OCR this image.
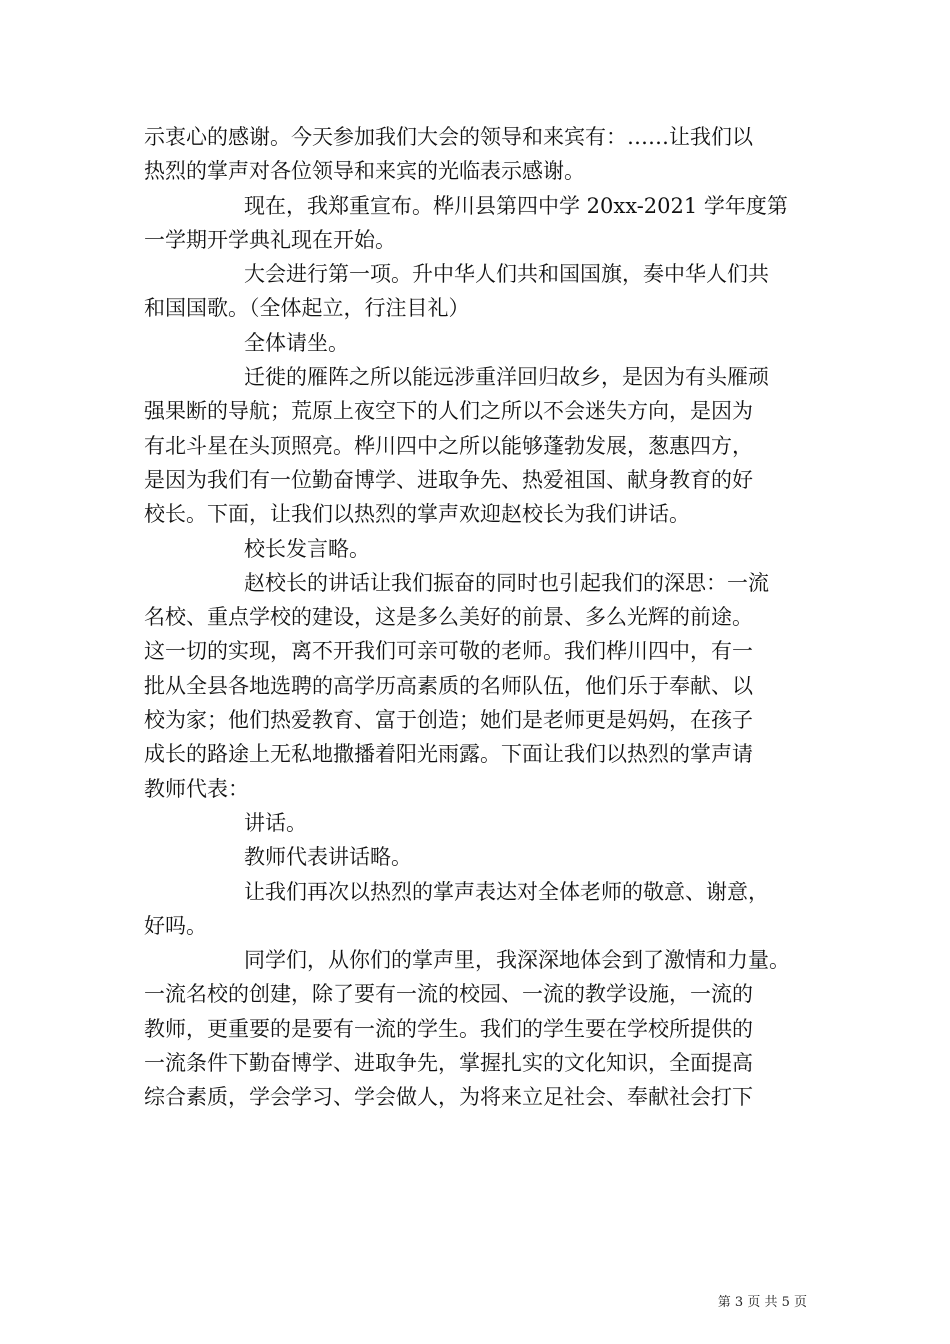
示衷心的感谢。今天参加我们大会的领导和来宾有：……让我们以
热烈的掌声对各位领导和来宾的光临表示感谢。
现在，我郑重宣布。桦川县第四中学 20xx-2021 学年度第
一学期开学典礼现在开始。
大会进行第一项。升中华人们共和国国旗，奏中华人们共
和国国歌。（全体起立，行注目礼）
全体请坐。
迁徙的雁阵之所以能远涉重洋回归故乡，是因为有头雁顽
强果断的导航；荒原上夜空下的人们之所以不会迷失方向，是因为
有北斗星在头顶照亮。桦川四中之所以能够蓬勃发展，葱惠四方，
是因为我们有一位勤奋博学、进取争先、热爱祖国、献身教育的好
校长。下面，让我们以热烈的掌声欢迎赵校长为我们讲话。
校长发言略。
赵校长的讲话让我们振奋的同时也引起我们的深思：一流
名校、重点学校的建设，这是多么美好的前景、多么光辉的前途。
这一切的实现，离不开我们可亲可敬的老师。我们桦川四中，有一
批从全县各地选聘的高学历高素质的名师队伍，他们乐于奉献、以
校为家；他们热爱教育、富于创造；她们是老师更是妈妈，在孩子
成长的路途上无私地撒播着阳光雨露。下面让我们以热烈的掌声请
教师代表：
讲话。
教师代表讲话略。
让我们再次以热烈的掌声表达对全体老师的敬意、谢意，
好吗。
同学们，从你们的掌声里，我深深地体会到了激情和力量。
一流名校的创建，除了要有一流的校园、一流的教学设施，一流的
教师，更重要的是要有一流的学生。我们的学生要在学校所提供的
一流条件下勤奋博学、进取争先，掌握扎实的文化知识，全面提高
综合素质，学会学习、学会做人，为将来立足社会、奉献社会打下
第 3 页 共 5 页
